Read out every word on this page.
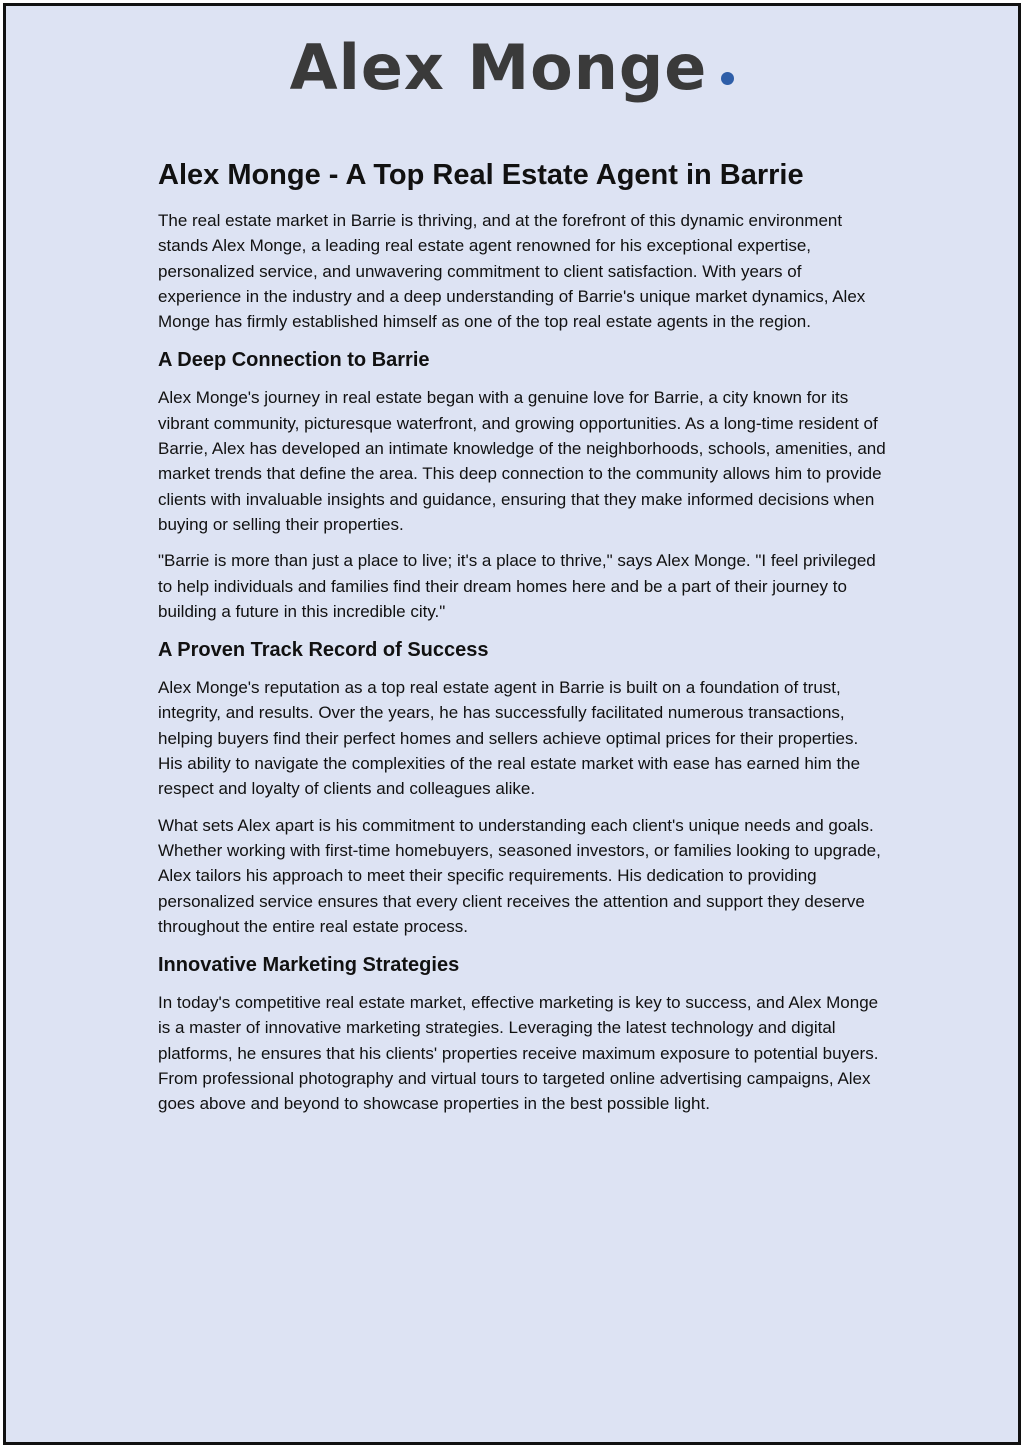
Alex Monge
Alex Monge - A Top Real Estate Agent in Barrie

The real estate market in Barrie is thriving, and at the forefront of this dynamic environment stands Alex Monge, a leading real estate agent renowned for his exceptional expertise, personalized service, and unwavering commitment to client satisfaction. With years of experience in the industry and a deep understanding of Barrie's unique market dynamics, Alex Monge has firmly established himself as one of the top real estate agents in the region.

A Deep Connection to Barrie

Alex Monge's journey in real estate began with a genuine love for Barrie, a city known for its vibrant community, picturesque waterfront, and growing opportunities. As a long-time resident of Barrie, Alex has developed an intimate knowledge of the neighborhoods, schools, amenities, and market trends that define the area. This deep connection to the community allows him to provide clients with invaluable insights and guidance, ensuring that they make informed decisions when buying or selling their properties.

"Barrie is more than just a place to live; it's a place to thrive," says Alex Monge. "I feel privileged to help individuals and families find their dream homes here and be a part of their journey to building a future in this incredible city."

A Proven Track Record of Success

Alex Monge's reputation as a top real estate agent in Barrie is built on a foundation of trust, integrity, and results. Over the years, he has successfully facilitated numerous transactions, helping buyers find their perfect homes and sellers achieve optimal prices for their properties. His ability to navigate the complexities of the real estate market with ease has earned him the respect and loyalty of clients and colleagues alike.

What sets Alex apart is his commitment to understanding each client's unique needs and goals. Whether working with first-time homebuyers, seasoned investors, or families looking to upgrade, Alex tailors his approach to meet their specific requirements. His dedication to providing personalized service ensures that every client receives the attention and support they deserve throughout the entire real estate process.

Innovative Marketing Strategies

In today's competitive real estate market, effective marketing is key to success, and Alex Monge is a master of innovative marketing strategies. Leveraging the latest technology and digital platforms, he ensures that his clients' properties receive maximum exposure to potential buyers. From professional photography and virtual tours to targeted online advertising campaigns, Alex goes above and beyond to showcase properties in the best possible light.
